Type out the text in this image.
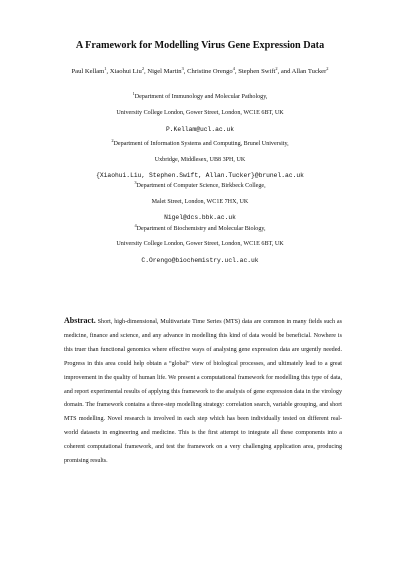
A Framework for Modelling Virus Gene Expression Data
Paul Kellam$^1$, Xiaohui Liu$^2$, Nigel Martin$^3$, Christine Orengo$^4$, Stephen Swift$^2$, and Allan Tucker$^2$
$^1$Department of Immunology and Molecular Pathology,
University College London, Gower Street, London, WC1E 6BT, UK
P.Kellam@ucl.ac.uk
$^2$Department of Information Systems and Computing, Brunel University,
Uxbridge, Middlesex, UB8 3PH, UK
{Xiaohui.Liu, Stephen.Swift, Allan.Tucker}@brunel.ac.uk
$^3$Department of Computer Science, Birkbeck College,
Malet Street, London, WC1E 7HX, UK
Nigel@dcs.bbk.ac.uk
$^4$Department of Biochemistry and Molecular Biology,
University College London, Gower Street, London, WC1E 6BT, UK
C.Orengo@biochemistry.ucl.ac.uk
Abstract. Short, high-dimensional, Multivariate Time Series (MTS) data are common in many fields such as medicine, finance and science, and any advance in modelling this kind of data would be beneficial. Nowhere is this truer than functional genomics where effective ways of analysing gene expression data are urgently needed. Progress in this area could help obtain a “global” view of biological processes, and ultimately lead to a great improvement in the quality of human life. We present a computational framework for modelling this type of data, and report experimental results of applying this framework to the analysis of gene expression data in the virology domain. The framework contains a three-step modelling strategy: correlation search, variable grouping, and short MTS modelling. Novel research is involved in each step which has been individually tested on different real-world datasets in engineering and medicine. This is the first attempt to integrate all these components into a coherent computational framework, and test the framework on a very challenging application area, producing promising results.
